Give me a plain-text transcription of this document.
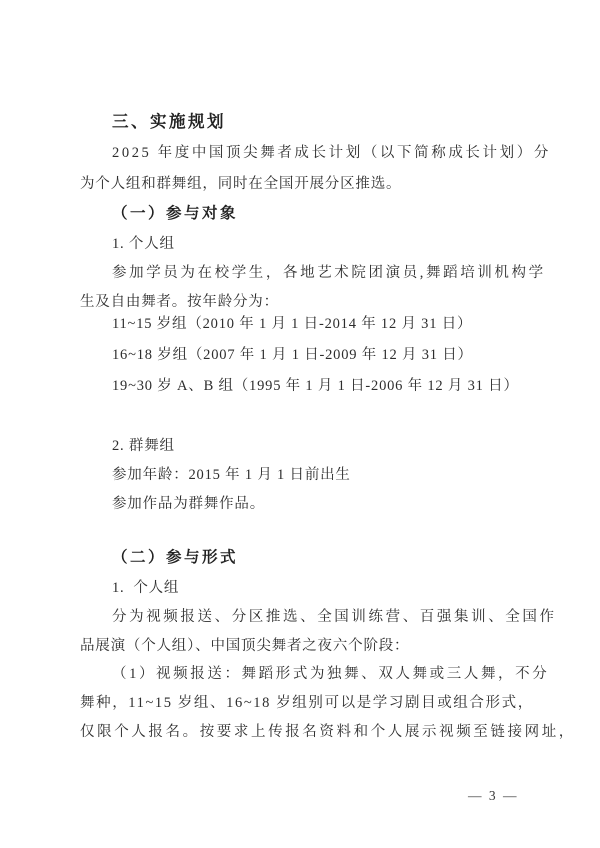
三、实施规划
2025 年度中国顶尖舞者成长计划（以下简称成长计划）分
为个人组和群舞组，同时在全国开展分区推选。
（一）参与对象
1. 个人组
参加学员为在校学生，各地艺术院团演员,舞蹈培训机构学
生及自由舞者。按年龄分为：
11~15 岁组（2010 年 1 月 1 日-2014 年 12 月 31 日）
16~18 岁组（2007 年 1 月 1 日-2009 年 12 月 31 日）
19~30 岁 A、B 组（1995 年 1 月 1 日-2006 年 12 月 31 日）
2. 群舞组
参加年龄：2015 年 1 月 1 日前出生
参加作品为群舞作品。
（二）参与形式
1.  个人组
分为视频报送、分区推选、全国训练营、百强集训、全国作
品展演（个人组）、中国顶尖舞者之夜六个阶段：
（1）视频报送：舞蹈形式为独舞、双人舞或三人舞，不分
舞种，11~15 岁组、16~18 岁组别可以是学习剧目或组合形式，
仅限个人报名。按要求上传报名资料和个人展示视频至链接网址，
— 3 —
